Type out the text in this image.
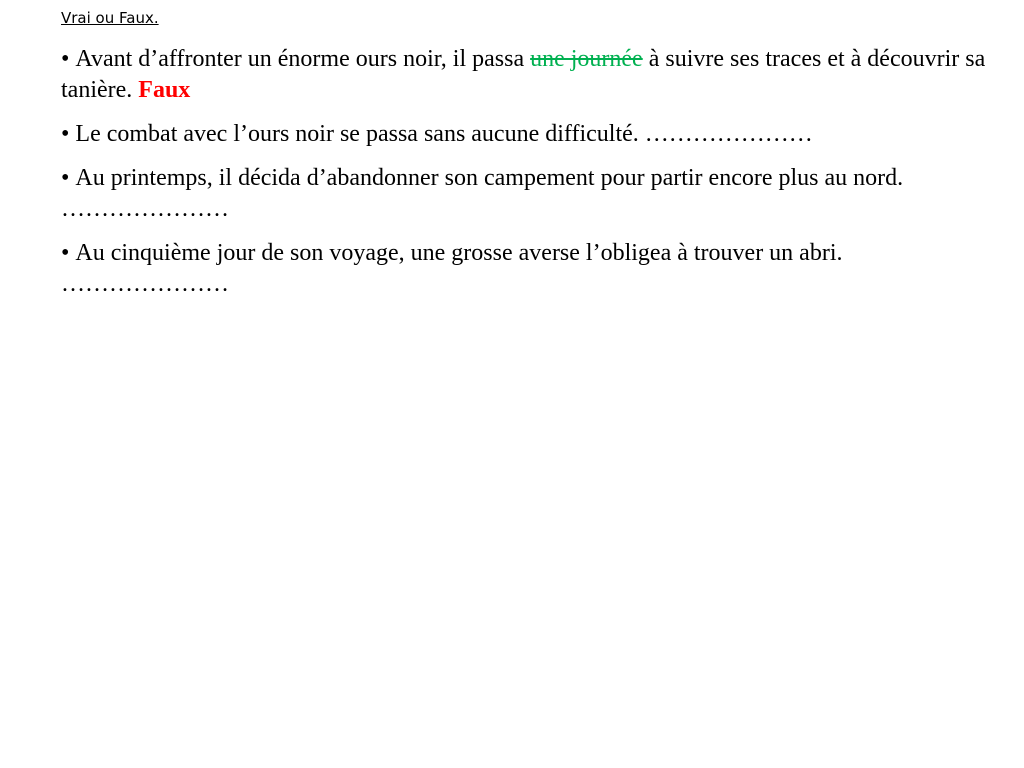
Vrai ou Faux.
• Avant d’affronter un énorme ours noir, il passa une journée à suivre ses traces et à découvrir sa tanière. Faux
• Le combat avec l’ours noir se passa sans aucune difficulté. …………………
• Au printemps, il décida d’abandonner son campement pour partir encore plus au nord. …………………
• Au cinquième jour de son voyage, une grosse averse l’obligea à trouver un abri. …………………
